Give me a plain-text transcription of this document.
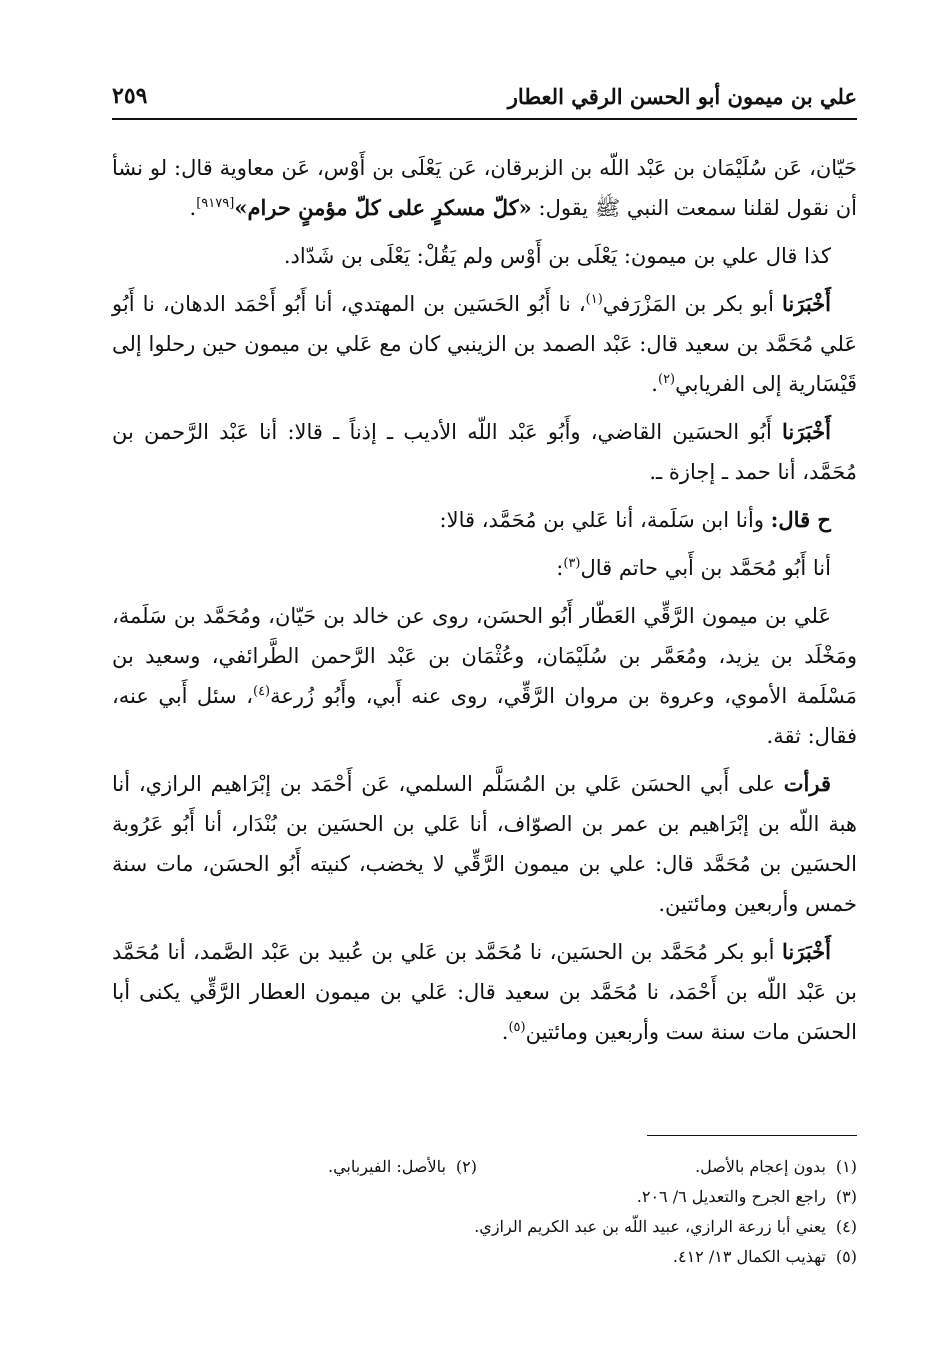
علي بن ميمون أبو الحسن الرقي العطار
٢٥٩

حَيّان، عَن سُلَيْمَان بن عَبْد اللّه بن الزبرقان، عَن يَعْلَى بن أَوْس، عَن معاوية قال: لو نشأ أن نقول لقلنا سمعت النبي ﷺ يقول: «كلّ مسكرٍ على كلّ مؤمنٍ حرام»[٩١٧٩].

كذا قال علي بن ميمون: يَعْلَى بن أَوْس ولم يَقُلْ: يَعْلَى بن شَدّاد.

أَخْبَرَنا أبو بكر بن المَزْرَفي$^{(١)}$، نا أَبُو الحَسَين بن المهتدي، أنا أَبُو أَحْمَد الدهان، نا أَبُو عَلي مُحَمَّد بن سعيد قال: عَبْد الصمد بن الزينبي كان مع عَلي بن ميمون حين رحلوا إلى قَيْسَارية إلى الفريابي$^{(٢)}$.

أَخْبَرَنا أَبُو الحسَين القاضي، وأَبُو عَبْد اللّه الأديب ـ إذناً ـ قالا: أنا عَبْد الرَّحمن بن مُحَمَّد، أنا حمد ـ إجازة ـ.

ح قال: وأنا ابن سَلَمة، أنا عَلي بن مُحَمَّد، قالا:

أنا أَبُو مُحَمَّد بن أَبي حاتم قال$^{(٣)}$:

عَلي بن ميمون الرَّقِّي العَطّار أَبُو الحسَن، روى عن خالد بن حَيّان، ومُحَمَّد بن سَلَمة، ومَخْلَد بن يزيد، ومُعَمَّر بن سُلَيْمَان، وعُثْمَان بن عَبْد الرَّحمن الطَّرائفي، وسعيد بن مَسْلَمة الأموي، وعروة بن مروان الرَّقِّي، روى عنه أَبي، وأَبُو زُرعة$^{(٤)}$، سئل أَبي عنه، فقال: ثقة.

قرأت على أَبي الحسَن عَلي بن المُسَلَّم السلمي، عَن أَحْمَد بن إبْرَاهيم الرازي، أنا هبة اللّه بن إبْرَاهيم بن عمر بن الصوّاف، أنا عَلي بن الحسَين بن بُنْدَار، أنا أَبُو عَرُوبة الحسَين بن مُحَمَّد قال: علي بن ميمون الرَّقِّي لا يخضب، كنيته أَبُو الحسَن، مات سنة خمس وأربعين ومائتين.

أَخْبَرَنا أبو بكر مُحَمَّد بن الحسَين، نا مُحَمَّد بن عَلي بن عُبيد بن عَبْد الصَّمد، أنا مُحَمَّد بن عَبْد اللّه بن أَحْمَد، نا مُحَمَّد بن سعيد قال: عَلي بن ميمون العطار الرَّقِّي يكنى أبا الحسَن مات سنة ست وأربعين ومائتين$^{(٥)}$.

(١)بدون إعجام بالأصل.
(٢)بالأصل: الفيربابي.
(٣)راجع الجرح والتعديل ٦/ ٢٠٦.
(٤)يعني أبا زرعة الرازي، عبيد اللّه بن عبد الكريم الرازي.
(٥)تهذيب الكمال ١٣/ ٤١٢.
